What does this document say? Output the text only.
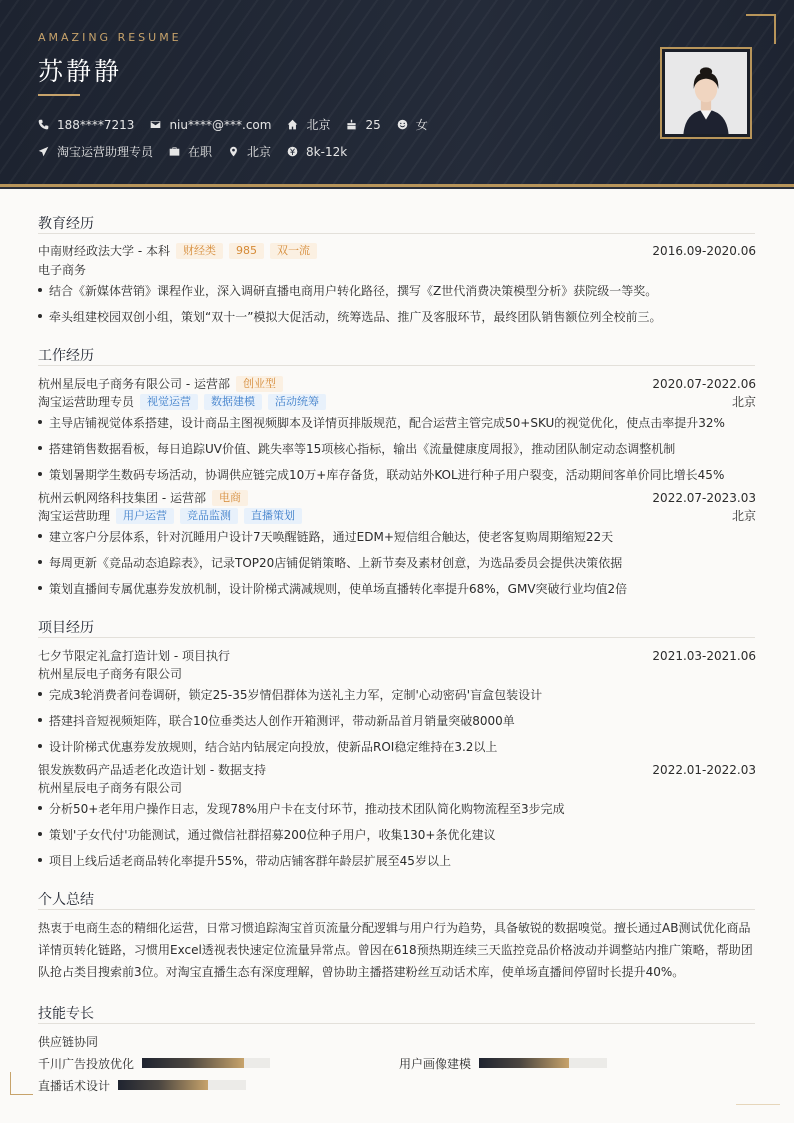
AMAZING RESUME
苏静静
188****7213	niu****@***.com	北京	25	女
淘宝运营助理专员	在职	北京	8k-12k
教育经历
中南财经政法大学 - 本科	财经类	985	双一流	2016.09-2020.06
电子商务
结合《新媒体营销》课程作业，深入调研直播电商用户转化路径，撰写《Z世代消费决策模型分析》获院级一等奖。
牵头组建校园双创小组，策划“双十一”模拟大促活动，统筹选品、推广及客服环节，最终团队销售额位列全校前三。
工作经历
杭州星辰电子商务有限公司 - 运营部	创业型	2020.07-2022.06
淘宝运营助理专员	视觉运营	数据建模	活动统筹	北京
主导店铺视觉体系搭建，设计商品主图视频脚本及详情页排版规范，配合运营主管完成50+SKU的视觉优化，使点击率提升32%
搭建销售数据看板，每日追踪UV价值、跳失率等15项核心指标，输出《流量健康度周报》，推动团队制定动态调整机制
策划暑期学生数码专场活动，协调供应链完成10万+库存备货，联动站外KOL进行种子用户裂变，活动期间客单价同比增长45%
杭州云帆网络科技集团 - 运营部	电商	2022.07-2023.03
淘宝运营助理	用户运营	竞品监测	直播策划	北京
建立客户分层体系，针对沉睡用户设计7天唤醒链路，通过EDM+短信组合触达，使老客复购周期缩短22天
每周更新《竞品动态追踪表》，记录TOP20店铺促销策略、上新节奏及素材创意，为选品委员会提供决策依据
策划直播间专属优惠券发放机制，设计阶梯式满减规则，使单场直播转化率提升68%，GMV突破行业均值2倍
项目经历
七夕节限定礼盒打造计划 - 项目执行	2021.03-2021.06
杭州星辰电子商务有限公司
完成3轮消费者问卷调研，锁定25-35岁情侣群体为送礼主力军，定制'心动密码'盲盒包装设计
搭建抖音短视频矩阵，联合10位垂类达人创作开箱测评，带动新品首月销量突破8000单
设计阶梯式优惠券发放规则，结合站内钻展定向投放，使新品ROI稳定维持在3.2以上
银发族数码产品适老化改造计划 - 数据支持	2022.01-2022.03
杭州星辰电子商务有限公司
分析50+老年用户操作日志，发现78%用户卡在支付环节，推动技术团队简化购物流程至3步完成
策划'子女代付'功能测试，通过微信社群招募200位种子用户，收集130+条优化建议
项目上线后适老商品转化率提升55%，带动店铺客群年龄层扩展至45岁以上
个人总结
热衷于电商生态的精细化运营，日常习惯追踪淘宝首页流量分配逻辑与用户行为趋势，具备敏锐的数据嗅觉。擅长通过AB测试优化商品
详情页转化链路，习惯用Excel透视表快速定位流量异常点。曾因在618预热期连续三天监控竞品价格波动并调整站内推广策略，帮助团
队抢占类目搜索前3位。对淘宝直播生态有深度理解，曾协助主播搭建粉丝互动话术库，使单场直播间停留时长提升40%。
技能专长
供应链协同
千川广告投放优化	用户画像建模
直播话术设计
